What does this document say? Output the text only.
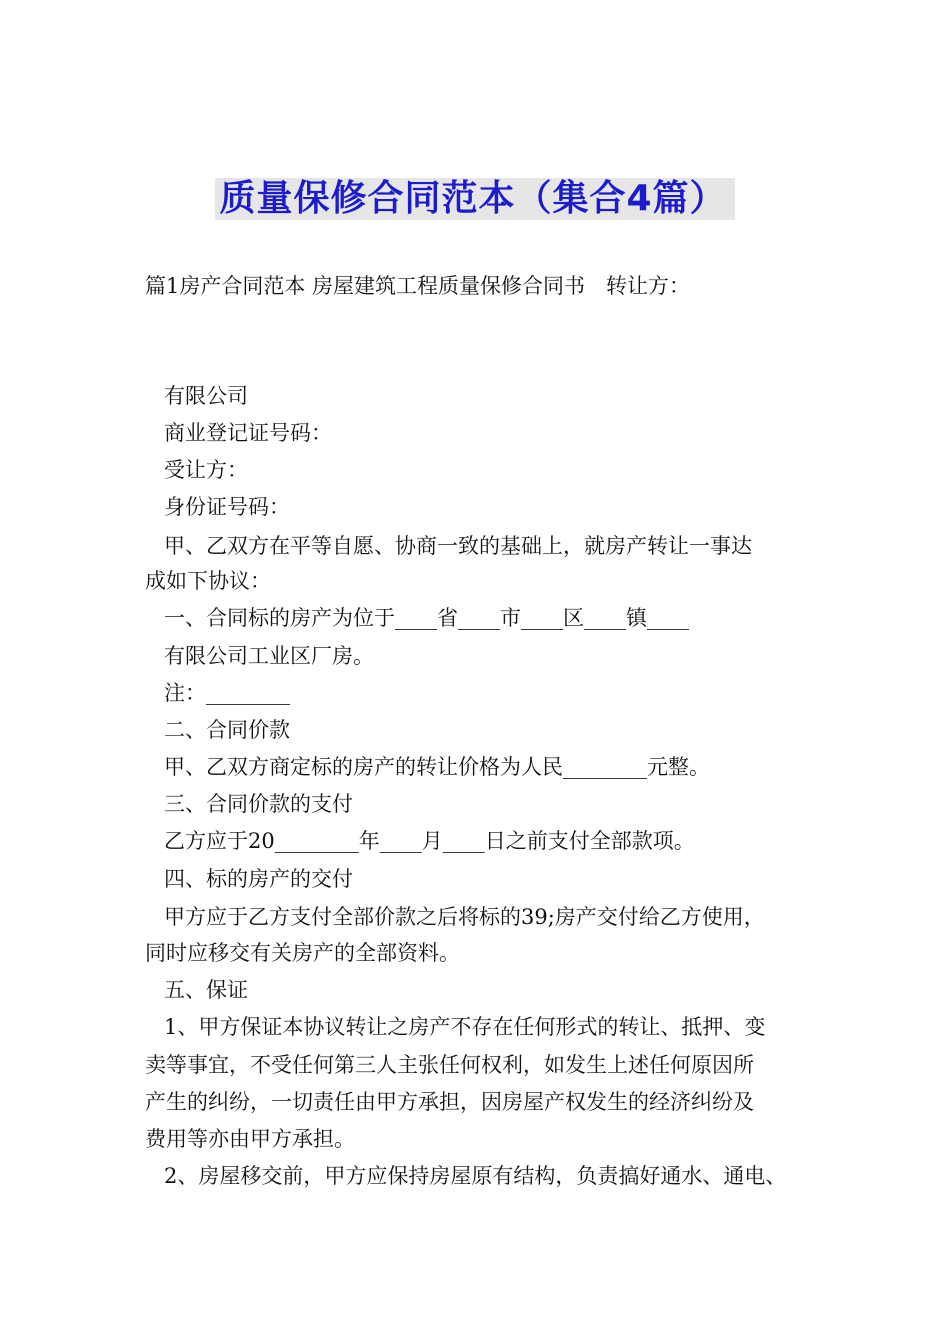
质量保修合同范本（集合4篇）
篇1房产合同范本 房屋建筑工程质量保修合同书　转让方：
有限公司
商业登记证号码：
受让方：
身份证号码：
甲、乙双方在平等自愿、协商一致的基础上，就房产转让一事达
成如下协议：
一、合同标的房产为位于____省____市____区____镇____
有限公司工业区厂房。
注：________
二、合同价款
甲、乙双方商定标的房产的转让价格为人民________元整。
三、合同价款的支付
乙方应于20________年____月____日之前支付全部款项。
四、标的房产的交付
甲方应于乙方支付全部价款之后将标的39;房产交付给乙方使用，
同时应移交有关房产的全部资料。
五、保证
1、甲方保证本协议转让之房产不存在任何形式的转让、抵押、变
卖等事宜，不受任何第三人主张任何权利，如发生上述任何原因所
产生的纠纷，一切责任由甲方承担，因房屋产权发生的经济纠纷及
费用等亦由甲方承担。
2、房屋移交前，甲方应保持房屋原有结构，负责搞好通水、通电、
